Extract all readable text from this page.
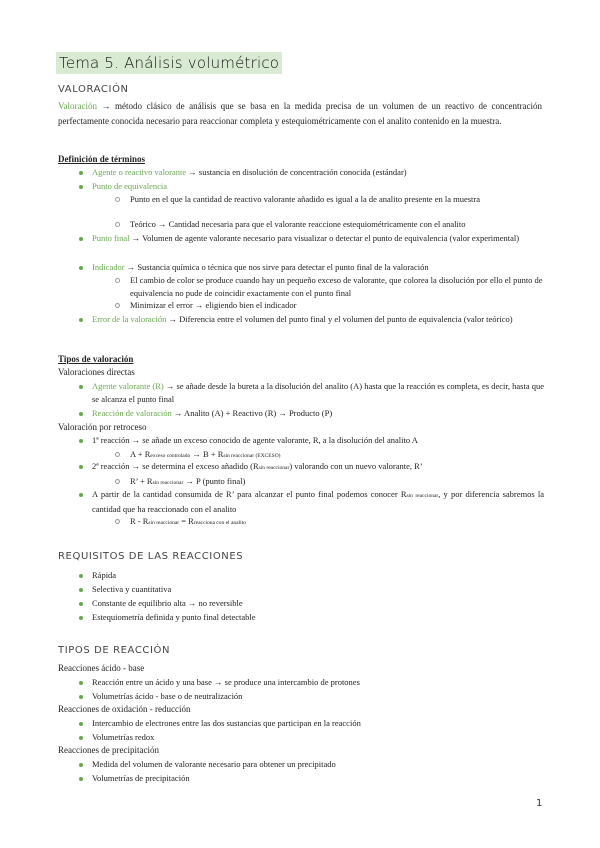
Tema 5. Análisis volumétrico
VALORACIÓN
Valoración → método clásico de análisis que se basa en la medida precisa de un volumen de un reactivo de concentración perfectamente conocida necesario para reaccionar completa y estequiométricamente con el analito contenido en la muestra.
Definición de términos
Agente o reactivo valorante → sustancia en disolución de concentración conocida (estándar)
Punto de equivalencia
Punto en el que la cantidad de reactivo valorante añadido es igual a la de analito presente en la muestra
Teórico → Cantidad necesaria para que el valorante reaccione estequiométricamente con el analito
Punto final → Volumen de agente valorante necesario para visualizar o detectar el punto de equivalencia (valor experimental)
Indicador → Sustancia química o técnica que nos sirve para detectar el punto final de la valoración
El cambio de color se produce cuando hay un pequeño exceso de valorante, que colorea la disolución por ello el punto de equivalencia no pude de coincidir exactamente con el punto final
Minimizar el error → eligiendo bien el indicador
Error de la valoración → Diferencia entre el volumen del punto final y el volumen del punto de equivalencia (valor teórico)
Tipos de valoración
Valoraciones directas
Agente valorante (R) → se añade desde la bureta a la disolución del analito (A) hasta que la reacción es completa, es decir, hasta que se alcanza el punto final
Reacción de valoración → Analito (A) + Reactivo (R) → Producto (P)
Valoración por retroceso
1ª reacción → se añade un exceso conocido de agente valorante, R, a la disolución del analito A
A + Rexceso controlado → B + Rsin reaccionar (EXCESO)
2ª reacción → se determina el exceso añadido (Rsin reaccionar) valorando con un nuevo valorante, R’
R’ + Rsin reaccionar → P (punto final)
A partir de la cantidad consumida de R’ para alcanzar el punto final podemos conocer Rsin reaccionar, y por diferencia sabremos la cantidad que ha reaccionado con el analito
R - Rsin reaccionar = Rreacciona con el analito
REQUISITOS DE LAS REACCIONES
Rápida
Selectiva y cuantitativa
Constante de equilibrio alta → no reversible
Estequiometría definida y punto final detectable
TIPOS DE REACCIÓN
Reacciones ácido - base
Reacción entre un ácido y una base → se produce una intercambio de protones
Volumetrías ácido - base o de neutralización
Reacciones de oxidación - reducción
Intercambio de electrones entre las dos sustancias que participan en la reacción
Volumetrías redox
Reacciones de precipitación
Medida del volumen de valorante necesario para obtener un precipitado
Volumetrías de precipitación
1
